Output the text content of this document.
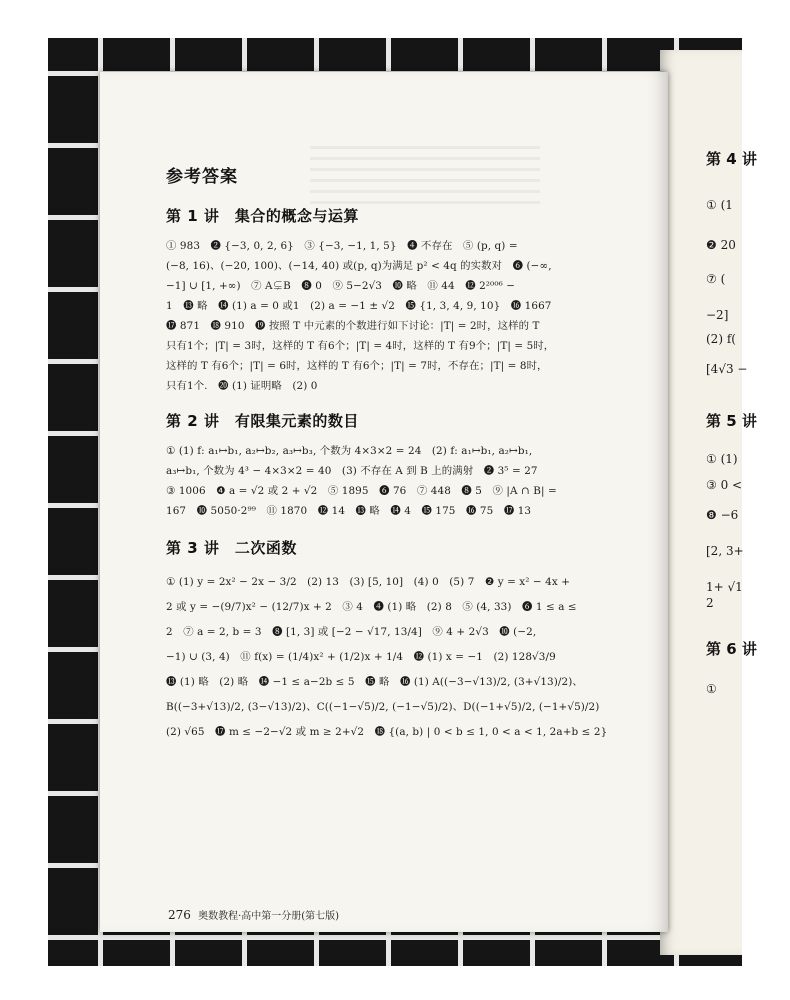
第 4 讲
① (1
❷ 20
⑦ (
−2]
(2) f(
[4√3 −
第 5 讲
① (1)
③ 0 <
❽ −6
[2, 3+
1+ √1
2
第 6 讲
①
参考答案
第 1 讲　集合的概念与运算
① 983　❷ {−3, 0, 2, 6}　③ {−3, −1, 1, 5}　❹ 不存在　⑤ (p, q) =
(−8, 16)、(−20, 100)、(−14, 40) 或(p, q)为满足 p² < 4q 的实数对　❻ (−∞,
−1] ∪ [1, +∞)　⑦ A⊊B　❽ 0　⑨ 5−2√3　❿ 略　⑪ 44　⓬ 2²⁰⁰⁶ −
1　⓭ 略　⓮ (1) a = 0 或1　(2) a = −1 ± √2　⓯ {1, 3, 4, 9, 10}　⓰ 1667
⓱ 871　⓲ 910　⓳ 按照 T 中元素的个数进行如下讨论：|T| = 2时，这样的 T
只有1个；|T| = 3时，这样的 T 有6个；|T| = 4时，这样的 T 有9个；|T| = 5时，
这样的 T 有6个；|T| = 6时，这样的 T 有6个；|T| = 7时，不存在；|T| = 8时，
只有1个.　⓴ (1) 证明略　(2) 0
第 2 讲　有限集元素的数目
① (1) f: a₁↦b₁, a₂↦b₂, a₃↦b₃, 个数为 4×3×2 = 24　(2) f: a₁↦b₁, a₂↦b₁,
a₃↦b₁, 个数为 4³ − 4×3×2 = 40　(3) 不存在 A 到 B 上的满射　❷ 3⁵ = 27
③ 1006　❹ a = √2 或 2 + √2　⑤ 1895　❻ 76　⑦ 448　❽ 5　⑨ |A ∩ B| =
167　❿ 5050·2⁹⁹　⑪ 1870　⓬ 14　⓭ 略　⓮ 4　⓯ 175　⓰ 75　⓱ 13
第 3 讲　二次函数
① (1) y = 2x² − 2x − 3/2　(2) 13　(3) [5, 10]　(4) 0　(5) 7　❷ y = x² − 4x +
2 或 y = −(9/7)x² − (12/7)x + 2　③ 4　❹ (1) 略　(2) 8　⑤ (4, 33)　❻ 1 ≤ a ≤
2　⑦ a = 2, b = 3　❽ [1, 3] 或 [−2 − √17, 13/4]　⑨ 4 + 2√3　❿ (−2,
−1) ∪ (3, 4)　⑪ f(x) = (1/4)x² + (1/2)x + 1/4　⓬ (1) x = −1　(2) 128√3/9
⓭ (1) 略　(2) 略　⓮ −1 ≤ a−2b ≤ 5　⓯ 略　⓰ (1) A((−3−√13)/2, (3+√13)/2)、
B((−3+√13)/2, (3−√13)/2)、C((−1−√5)/2, (−1−√5)/2)、D((−1+√5)/2, (−1+√5)/2)
(2) √65　⓱ m ≤ −2−√2 或 m ≥ 2+√2　⓲ {(a, b) | 0 < b ≤ 1, 0 < a < 1, 2a+b ≤ 2}
276 奥数教程·高中第一分册(第七版)
